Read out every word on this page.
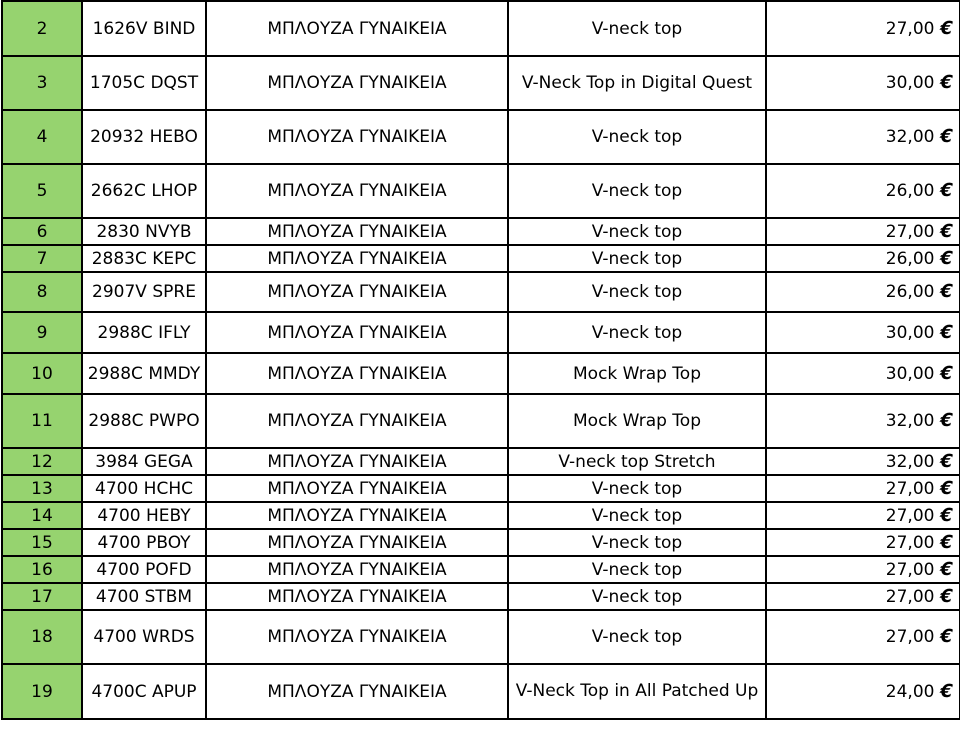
2	1626V BIND	ΜΠΛΟΥΖΑ ΓΥΝΑΙΚΕΙΑ	V-neck top	27,00 €
3	1705C DQST	ΜΠΛΟΥΖΑ ΓΥΝΑΙΚΕΙΑ	V-Neck Top in Digital Quest	30,00 €
4	20932 HEBO	ΜΠΛΟΥΖΑ ΓΥΝΑΙΚΕΙΑ	V-neck top	32,00 €
5	2662C LHOP	ΜΠΛΟΥΖΑ ΓΥΝΑΙΚΕΙΑ	V-neck top	26,00 €
6	2830 NVYB	ΜΠΛΟΥΖΑ ΓΥΝΑΙΚΕΙΑ	V-neck top	27,00 €
7	2883C KEPC	ΜΠΛΟΥΖΑ ΓΥΝΑΙΚΕΙΑ	V-neck top	26,00 €
8	2907V SPRE	ΜΠΛΟΥΖΑ ΓΥΝΑΙΚΕΙΑ	V-neck top	26,00 €
9	2988C IFLY	ΜΠΛΟΥΖΑ ΓΥΝΑΙΚΕΙΑ	V-neck top	30,00 €
10	2988C MMDY	ΜΠΛΟΥΖΑ ΓΥΝΑΙΚΕΙΑ	Mock Wrap Top	30,00 €
11	2988C PWPO	ΜΠΛΟΥΖΑ ΓΥΝΑΙΚΕΙΑ	Mock Wrap Top	32,00 €
12	3984 GEGA	ΜΠΛΟΥΖΑ ΓΥΝΑΙΚΕΙΑ	V-neck top Stretch	32,00 €
13	4700 HCHC	ΜΠΛΟΥΖΑ ΓΥΝΑΙΚΕΙΑ	V-neck top	27,00 €
14	4700 HEBY	ΜΠΛΟΥΖΑ ΓΥΝΑΙΚΕΙΑ	V-neck top	27,00 €
15	4700 PBOY	ΜΠΛΟΥΖΑ ΓΥΝΑΙΚΕΙΑ	V-neck top	27,00 €
16	4700 POFD	ΜΠΛΟΥΖΑ ΓΥΝΑΙΚΕΙΑ	V-neck top	27,00 €
17	4700 STBM	ΜΠΛΟΥΖΑ ΓΥΝΑΙΚΕΙΑ	V-neck top	27,00 €
18	4700 WRDS	ΜΠΛΟΥΖΑ ΓΥΝΑΙΚΕΙΑ	V-neck top	27,00 €
19	4700C APUP	ΜΠΛΟΥΖΑ ΓΥΝΑΙΚΕΙΑ	V-Neck Top in All Patched Up	24,00 €
